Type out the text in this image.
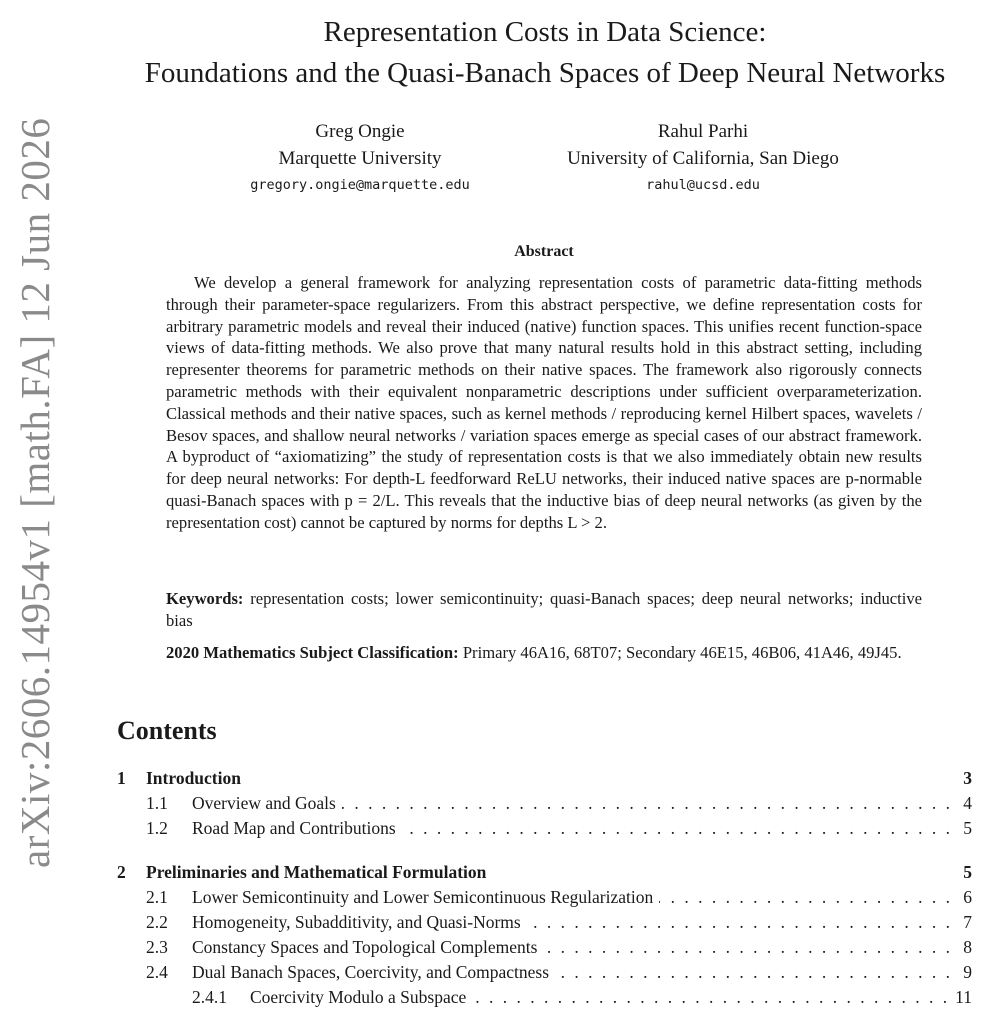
arXiv:2606.14954v1 [math.FA] 12 Jun 2026
Representation Costs in Data Science:
Foundations and the Quasi-Banach Spaces of Deep Neural Networks
Greg Ongie
Marquette University
gregory.ongie@marquette.edu
Rahul Parhi
University of California, San Diego
rahul@ucsd.edu
Abstract

We develop a general framework for analyzing representation costs of parametric data-fitting methods through their parameter-space regularizers. From this abstract perspective, we define representation costs for arbitrary parametric models and reveal their induced (native) function spaces. This unifies recent function-space views of data-fitting methods. We also prove that many natural results hold in this abstract setting, including representer theorems for parametric methods on their native spaces. The framework also rigorously connects parametric methods with their equivalent nonparametric descriptions under sufficient overparameterization. Classical methods and their native spaces, such as kernel methods / reproducing kernel Hilbert spaces, wavelets / Besov spaces, and shallow neural networks / variation spaces emerge as special cases of our abstract framework. A byproduct of “axiomatizing” the study of representation costs is that we also immediately obtain new results for deep neural networks: For depth-L feedforward ReLU networks, their induced native spaces are p-normable quasi-Banach spaces with p = 2/L. This reveals that the inductive bias of deep neural networks (as given by the representation cost) cannot be captured by norms for depths L > 2.

Keywords: representation costs; lower semicontinuity; quasi-Banach spaces; deep neural networks; inductive bias

2020 Mathematics Subject Classification: Primary 46A16, 68T07; Secondary 46E15, 46B06, 41A46, 49J45.

Contents
1	Introduction	3
1.1	Overview and Goals . . .	4
1.2	Road Map and Contributions . . .	5
2	Preliminaries and Mathematical Formulation	5
2.1	Lower Semicontinuity and Lower Semicontinuous Regularization . . .	6
2.2	Homogeneity, Subadditivity, and Quasi-Norms . . .	7
2.3	Constancy Spaces and Topological Complements . . .	8
2.4	Dual Banach Spaces, Coercivity, and Compactness . . .	9
2.4.1	Coercivity Modulo a Subspace . . .	11
